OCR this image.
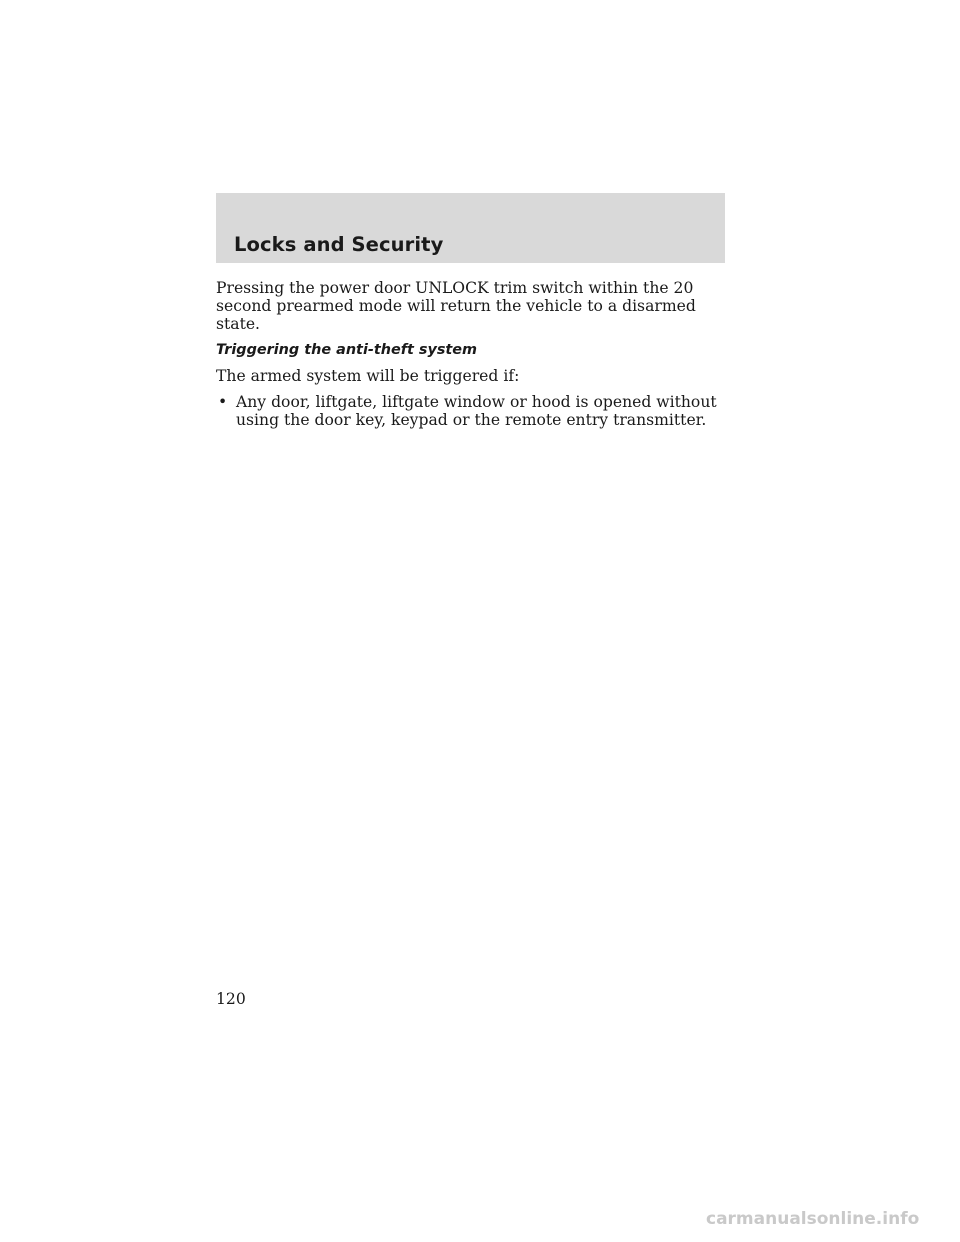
Locks and Security

Pressing the power door UNLOCK trim switch within the 20 second prearmed mode will return the vehicle to a disarmed state.

Triggering the anti-theft system

The armed system will be triggered if:

• Any door, liftgate, liftgate window or hood is opened without using the door key, keypad or the remote entry transmitter.

120

carmanualsonline.info
